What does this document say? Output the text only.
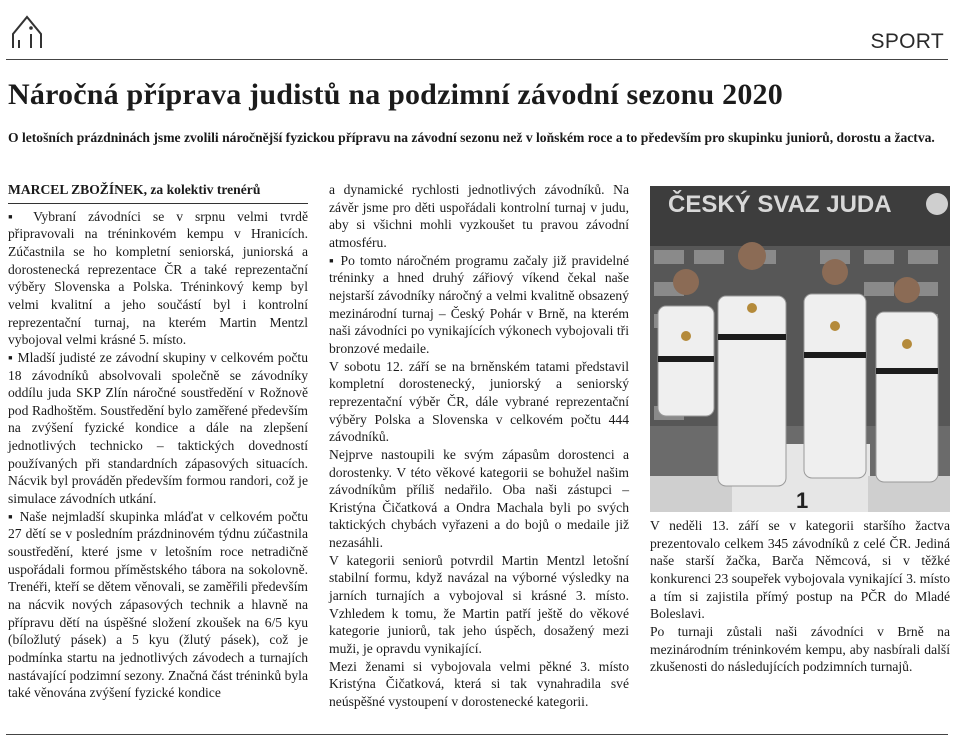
SPORT
Náročná příprava judistů na podzimní závodní sezonu 2020

O letošních prázdninách jsme zvolili náročnější fyzickou přípravu na závodní sezonu než v loňském roce a to především pro skupinku juniorů, dorostu a žactva.

MARCEL ZBOŽÍNEK, za kolektiv trenérů

▪ Vybraní závodníci se v srpnu velmi tvrdě připravovali na tréninkovém kempu v Hranicích. Zúčastnila se ho kompletní seniorská, juniorská a dorostenecká reprezentace ČR a také reprezentační výběry Slovenska a Polska. Tréninkový kemp byl velmi kvalitní a jeho součástí byl i kontrolní reprezentační turnaj, na kterém Martin Mentzl vybojoval velmi krásné 5. místo.

▪ Mladší judisté ze závodní skupiny v celkovém počtu 18 závodníků absolvovali společně se závodníky oddílu juda SKP Zlín náročné soustředění v Rožnově pod Radhoštěm. Soustředění bylo zaměřené především na zvýšení fyzické kondice a dále na zlepšení jednotlivých technicko – taktických dovedností používaných při standardních zápasových situacích. Nácvik byl prováděn především formou randori, což je simulace závodních utkání.

▪ Naše nejmladší skupinka mláďat v celkovém počtu 27 dětí se v posledním prázdninovém týdnu zúčastnila soustředění, které jsme v letošním roce netradičně uspořádali formou příměstského tábora na sokolovně. Trenéři, kteří se dětem věnovali, se zaměřili především na nácvik nových zápasových technik a hlavně na přípravu dětí na úspěšné složení zkoušek na 6/5 kyu (bíložlutý pásek) a 5 kyu (žlutý pásek), což je podmínka startu na jednotlivých závodech a turnajích nastávající podzimní sezony. Značná část tréninků byla také věnována zvýšení fyzické kondice

a dynamické rychlosti jednotlivých závodníků. Na závěr jsme pro děti uspořádali kontrolní turnaj v judu, aby si všichni mohli vyzkoušet tu pravou závodní atmosféru.

▪ Po tomto náročném programu začaly již pravidelné tréninky a hned druhý zářiový víkend čekal naše nejstarší závodníky náročný a velmi kvalitně obsazený mezinárodní turnaj – Český Pohár v Brně, na kterém naši závodníci po vynikajících výkonech vybojovali tři bronzové medaile.

V sobotu 12. září se na brněnském tatami představil kompletní dorostenecký, juniorský a seniorský reprezentační výběr ČR, dále vybrané reprezentační výběry Polska a Slovenska v celkovém počtu 444 závodníků.

Nejprve nastoupili ke svým zápasům dorostenci a dorostenky. V této věkové kategorii se bohužel našim závodníkům příliš nedařilo. Oba naši zástupci – Kristýna Čičatková a Ondra Machala byli po svých taktických chybách vyřazeni a do bojů o medaile již nezasáhli.

V kategorii seniorů potvrdil Martin Mentzl letošní stabilní formu, když navázal na výborné výsledky na jarních turnajích a vybojoval si krásné 3. místo. Vzhledem k tomu, že Martin patří ještě do věkové kategorie juniorů, tak jeho úspěch, dosažený mezi muži, je opravdu vynikající.

Mezi ženami si vybojovala velmi pěkné 3. místo Kristýna Čičatková, která si tak vynahradila své neúspěšné vystoupení v dorostenecké kategorii.

ČESKÝ SVAZ JUDA
1

V neděli 13. září se v kategorii staršího žactva prezentovalo celkem 345 závodníků z celé ČR. Jediná naše starší žačka, Barča Němcová, si v těžké konkurenci 23 soupeřek vybojovala vynikající 3. místo a tím si zajistila přímý postup na PČR do Mladé Boleslavi.

Po turnaji zůstali naši závodníci v Brně na mezinárodním tréninkovém kempu, aby nasbírali další zkušenosti do následujících podzimních turnajů.
